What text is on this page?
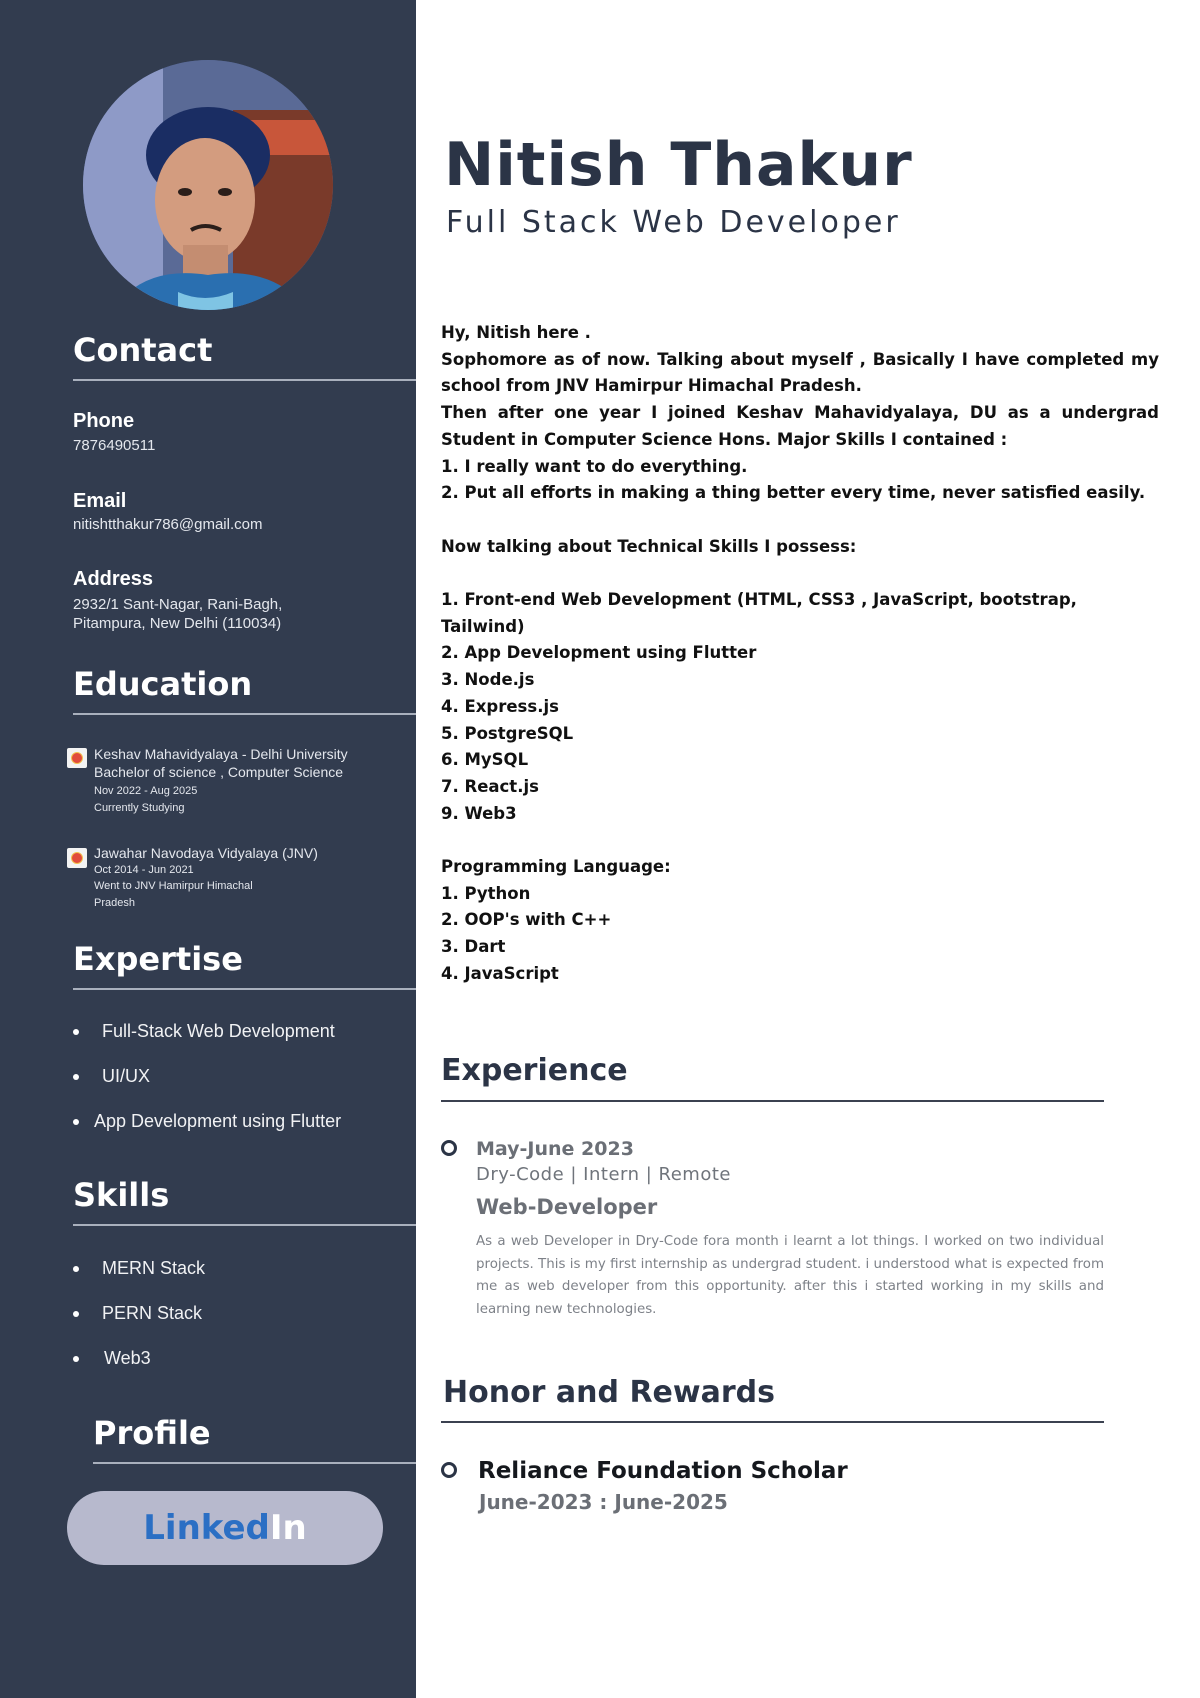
Contact
Phone
7876490511
Email
nitishtthakur786@gmail.com
Address
2932/1 Sant-Nagar, Rani-Bagh,
Pitampura, New Delhi (110034)
Education
Keshav Mahavidyalaya - Delhi University
Bachelor of science , Computer Science
Nov 2022 - Aug 2025
Currently Studying
Jawahar Navodaya Vidyalaya (JNV)
Oct 2014 - Jun 2021
Went to JNV Hamirpur Himachal
Pradesh
Expertise
Full-Stack Web Development
UI/UX
App Development using Flutter
Skills
MERN Stack
PERN Stack
Web3
Profile
LinkedIn
Nitish Thakur
Full Stack Web Developer

Hy, Nitish here .

Sophomore as of now. Talking about myself , Basically I have completed my school from JNV Hamirpur Himachal Pradesh.

Then after one year I joined Keshav Mahavidyalaya, DU as a undergrad Student in Computer Science Hons. Major Skills I contained :

1. I really want to do everything.

2. Put all efforts in making a thing better every time, never satisfied easily.

Now talking about Technical Skills I possess:

1. Front-end Web Development (HTML, CSS3 , JavaScript, bootstrap, Tailwind)

2. App Development using Flutter

3. Node.js

4. Express.js

5. PostgreSQL

6. MySQL

7. React.js

9. Web3

Programming Language:

1. Python

2. OOP's with C++

3. Dart

4. JavaScript

Experience
May-June 2023
Dry-Code | Intern | Remote
Web-Developer

As a web Developer in Dry-Code fora month i learnt a lot things. I worked on two individual projects. This is my first internship as undergrad student. i understood what is expected from me as web developer from this opportunity. after this i started working in my skills and learning new technologies.

Honor and Rewards
Reliance Foundation Scholar
June-2023 : June-2025
